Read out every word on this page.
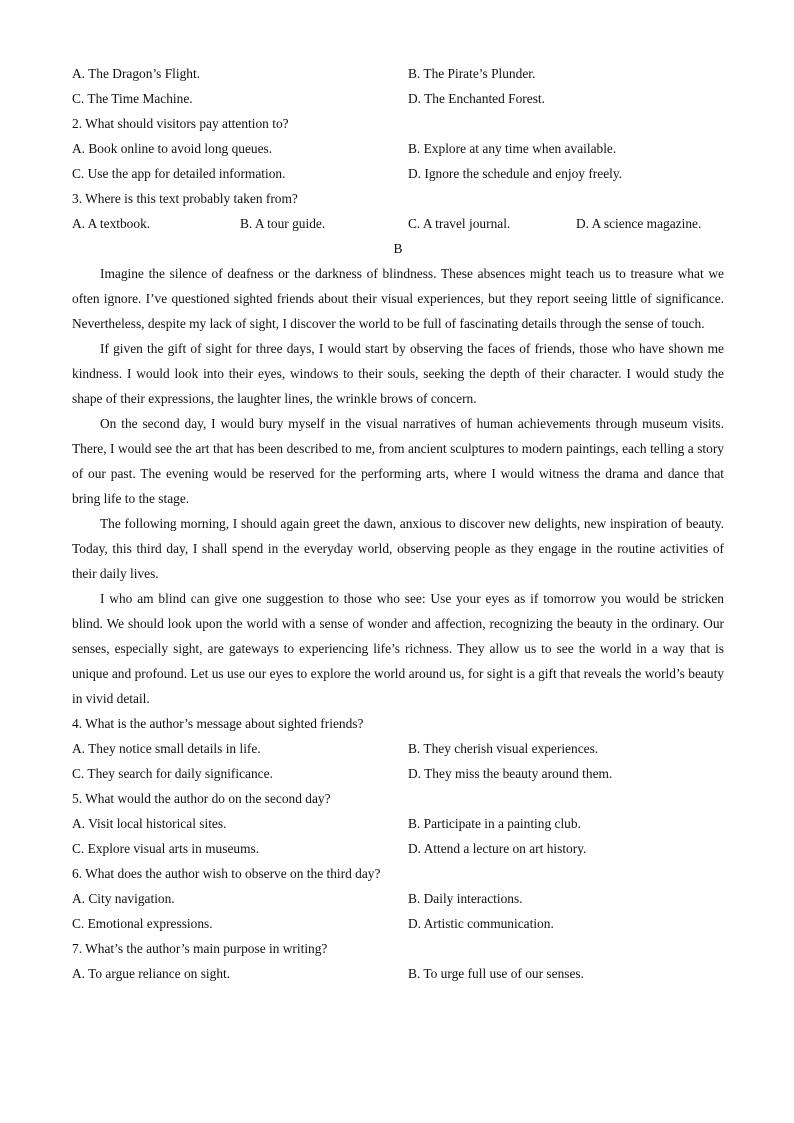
A. The Dragon’s Flight.	B. The Pirate’s Plunder.
C. The Time Machine.	D. The Enchanted Forest.
2. What should visitors pay attention to?
A. Book online to avoid long queues.	B. Explore at any time when available.
C. Use the app for detailed information.	D. Ignore the schedule and enjoy freely.
3. Where is this text probably taken from?
A. A textbook.	B. A tour guide.	C. A travel journal.	D. A science magazine.
B

Imagine the silence of deafness or the darkness of blindness. These absences might teach us to treasure what we often ignore. I’ve questioned sighted friends about their visual experiences, but they report seeing little of significance. Nevertheless, despite my lack of sight, I discover the world to be full of fascinating details through the sense of touch.

If given the gift of sight for three days, I would start by observing the faces of friends, those who have shown me kindness. I would look into their eyes, windows to their souls, seeking the depth of their character. I would study the shape of their expressions, the laughter lines, the wrinkle brows of concern.

On the second day, I would bury myself in the visual narratives of human achievements through museum visits. There, I would see the art that has been described to me, from ancient sculptures to modern paintings, each telling a story of our past. The evening would be reserved for the performing arts, where I would witness the drama and dance that bring life to the stage.

The following morning, I should again greet the dawn, anxious to discover new delights, new inspiration of beauty. Today, this third day, I shall spend in the everyday world, observing people as they engage in the routine activities of their daily lives.

I who am blind can give one suggestion to those who see: Use your eyes as if tomorrow you would be stricken blind. We should look upon the world with a sense of wonder and affection, recognizing the beauty in the ordinary. Our senses, especially sight, are gateways to experiencing life’s richness. They allow us to see the world in a way that is unique and profound. Let us use our eyes to explore the world around us, for sight is a gift that reveals the world’s beauty in vivid detail.

4. What is the author’s message about sighted friends?
A. They notice small details in life.	B. They cherish visual experiences.
C. They search for daily significance.	D. They miss the beauty around them.
5. What would the author do on the second day?
A. Visit local historical sites.	B. Participate in a painting club.
C. Explore visual arts in museums.	D. Attend a lecture on art history.
6. What does the author wish to observe on the third day?
A. City navigation.	B. Daily interactions.
C. Emotional expressions.	D. Artistic communication.
7. What’s the author’s main purpose in writing?
A. To argue reliance on sight.	B. To urge full use of our senses.
